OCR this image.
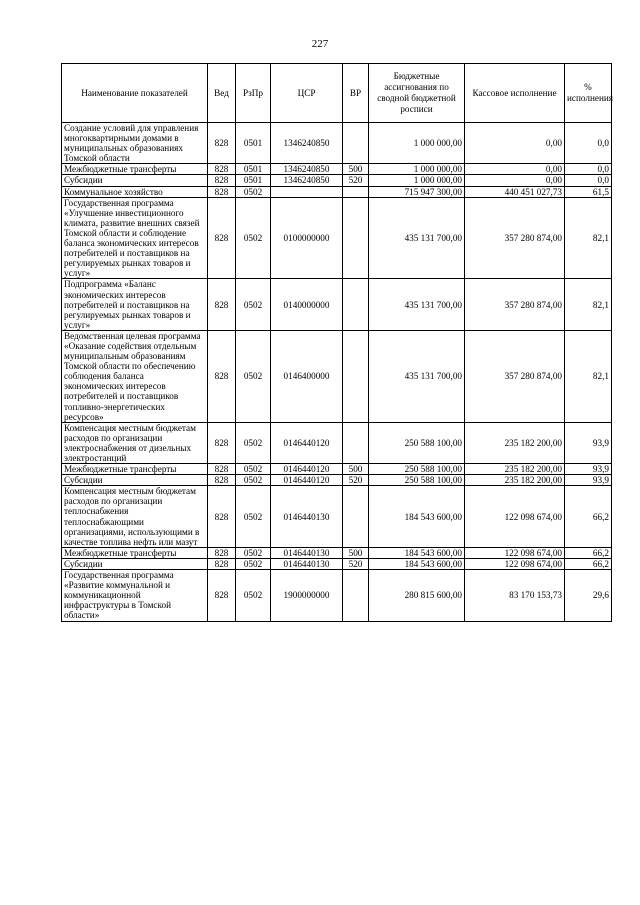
227
Наименование показателей	Вед	РзПр	ЦСР	ВР	Бюджетные ассигнования по сводной бюджетной росписи	Кассовое исполнение	% исполнения
Создание условий для управления многоквартирными домами в муниципальных образованиях Томской области	828	0501	1346240850		1 000 000,00	0,00	0,0
Межбюджетные трансферты	828	0501	1346240850	500	1 000 000,00	0,00	0,0
Субсидии	828	0501	1346240850	520	1 000 000,00	0,00	0,0
Коммунальное хозяйство	828	0502			715 947 300,00	440 451 027,73	61,5
Государственная программа «Улучшение инвестиционного климата, развитие внешних связей Томской области и соблюдение баланса экономических интересов потребителей и поставщиков на регулируемых рынках товаров и услуг»	828	0502	0100000000		435 131 700,00	357 280 874,00	82,1
Подпрограмма «Баланс экономических интересов потребителей и поставщиков на регулируемых рынках товаров и услуг»	828	0502	0140000000		435 131 700,00	357 280 874,00	82,1
Ведомственная целевая программа «Оказание содействия отдельным муниципальным образованиям Томской области по обеспечению соблюдения баланса экономических интересов потребителей и поставщиков топливно-энергетических ресурсов»	828	0502	0146400000		435 131 700,00	357 280 874,00	82,1
Компенсация местным бюджетам расходов по организации электроснабжения от дизельных электростанций	828	0502	0146440120		250 588 100,00	235 182 200,00	93,9
Межбюджетные трансферты	828	0502	0146440120	500	250 588 100,00	235 182 200,00	93,9
Субсидии	828	0502	0146440120	520	250 588 100,00	235 182 200,00	93,9
Компенсация местным бюджетам расходов по организации теплоснабжения теплоснабжающими организациями, использующими в качестве топлива нефть или мазут	828	0502	0146440130		184 543 600,00	122 098 674,00	66,2
Межбюджетные трансферты	828	0502	0146440130	500	184 543 600,00	122 098 674,00	66,2
Субсидии	828	0502	0146440130	520	184 543 600,00	122 098 674,00	66,2
Государственная программа «Развитие коммунальной и коммуникационной инфраструктуры в Томской области»	828	0502	1900000000		280 815 600,00	83 170 153,73	29,6
